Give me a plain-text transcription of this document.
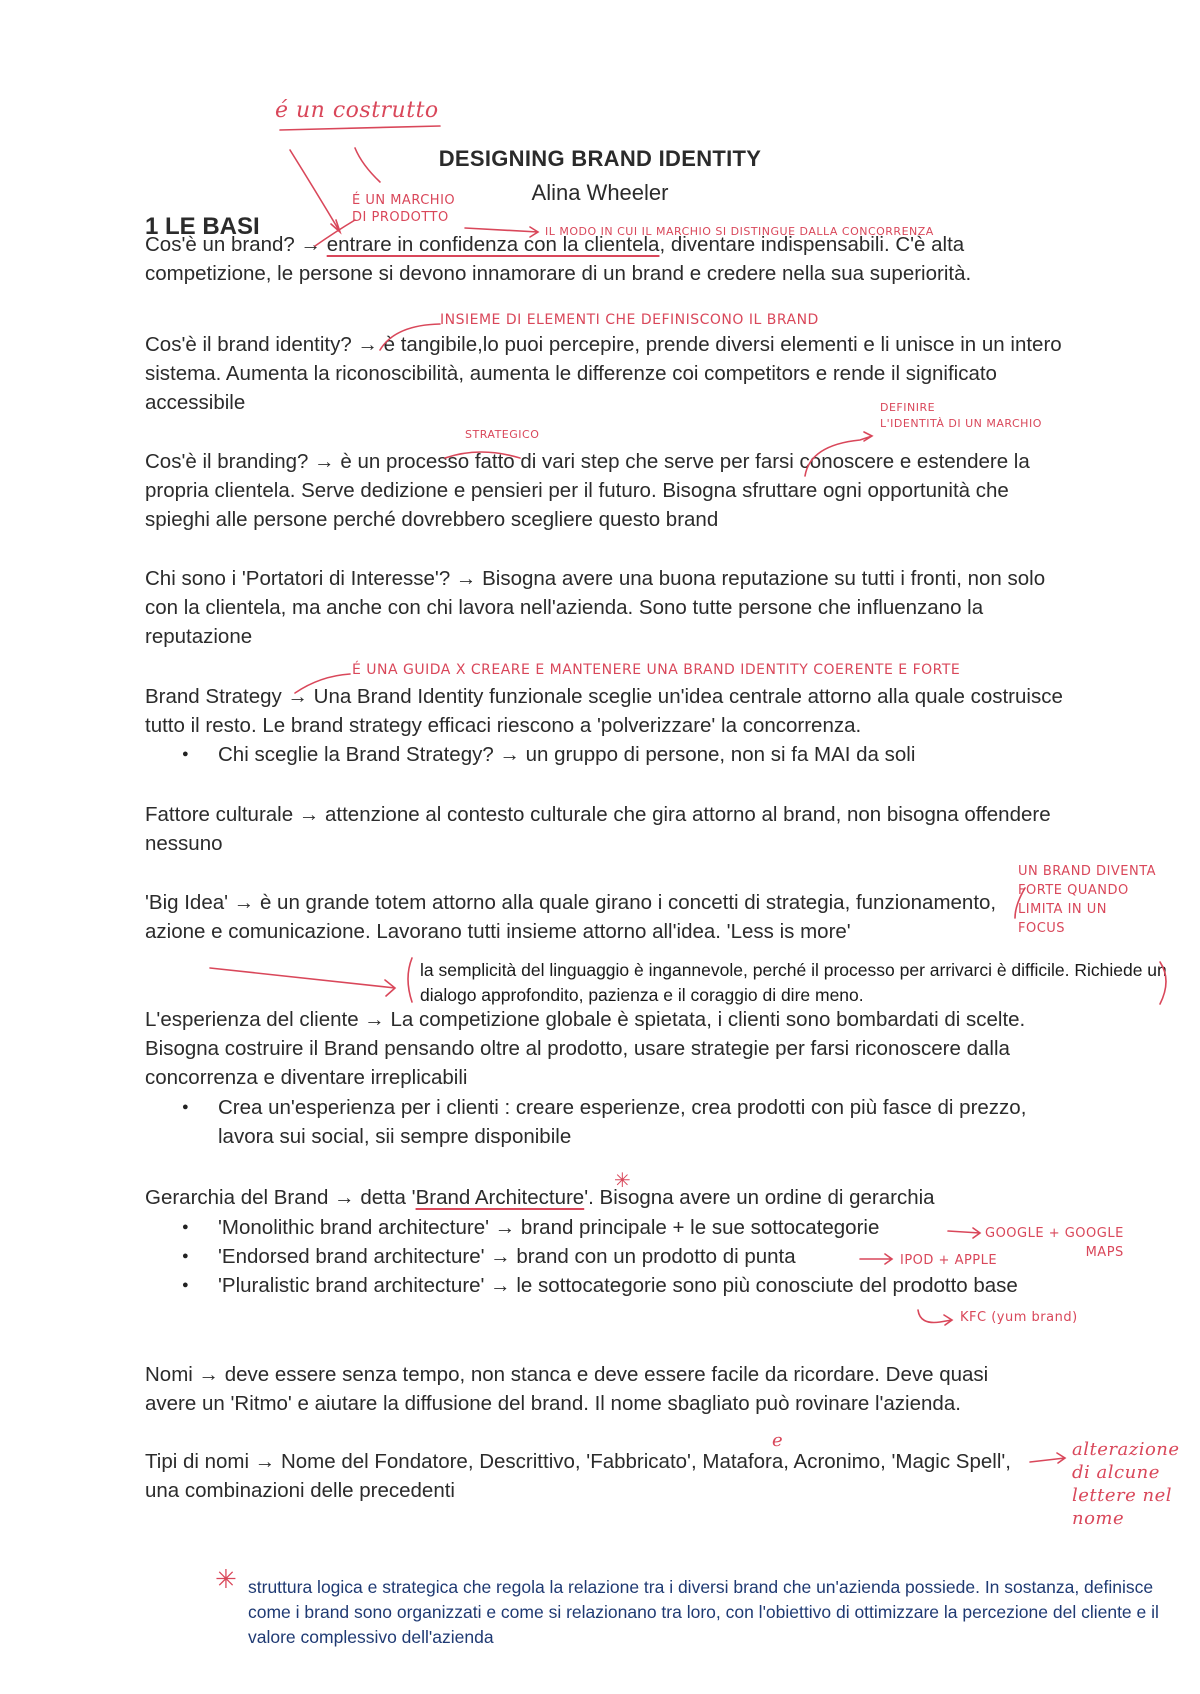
DESIGNING BRAND IDENTITY
Alina Wheeler
1 LE BASI
Cos'è un brand? → entrare in confidenza con la clientela, diventare indispensabili. C'è alta competizione, le persone si devono innamorare di un brand e credere nella sua superiorità.
Cos'è il brand identity? → è tangibile,lo puoi percepire, prende diversi elementi e li unisce in un intero sistema. Aumenta la riconoscibilità, aumenta le differenze coi competitors e rende il significato accessibile
Cos'è il branding? → è un processo fatto di vari step che serve per farsi conoscere e estendere la propria clientela. Serve dedizione e pensieri per il futuro. Bisogna sfruttare ogni opportunità che spieghi alle persone perché dovrebbero scegliere questo brand
Chi sono i 'Portatori di Interesse'? → Bisogna avere una buona reputazione su tutti i fronti, non solo con la clientela, ma anche con chi lavora nell'azienda. Sono tutte persone che influenzano la reputazione
Brand Strategy → Una Brand Identity funzionale sceglie un'idea centrale attorno alla quale costruisce tutto il resto. Le brand strategy efficaci riescono a 'polverizzare' la concorrenza.
● Chi sceglie la Brand Strategy? → un gruppo di persone, non si fa MAI da soli
Fattore culturale → attenzione al contesto culturale che gira attorno al brand, non bisogna offendere nessuno
'Big Idea' → è un grande totem attorno alla quale girano i concetti di strategia, funzionamento, azione e comunicazione. Lavorano tutti insieme attorno all'idea. 'Less is more'
L'esperienza del cliente → La competizione globale è spietata, i clienti sono bombardati di scelte. Bisogna costruire il Brand pensando oltre al prodotto, usare strategie per farsi riconoscere dalla concorrenza e diventare irreplicabili
● Crea un'esperienza per i clienti : creare esperienze, crea prodotti con più fasce di prezzo, lavora sui social, sii sempre disponibile
Gerarchia del Brand → detta 'Brand Architecture'. Bisogna avere un ordine di gerarchia
● 'Monolithic brand architecture' → brand principale + le sue sottocategorie
● 'Endorsed brand architecture' → brand con un prodotto di punta
● 'Pluralistic brand architecture' → le sottocategorie sono più conosciute del prodotto base
Nomi → deve essere senza tempo, non stanca e deve essere facile da ricordare. Deve quasi avere un 'Ritmo' e aiutare la diffusione del brand. Il nome sbagliato può rovinare l'azienda.
Tipi di nomi → Nome del Fondatore, Descrittivo, 'Fabbricato', Matafora, Acronimo, 'Magic Spell', una combinazioni delle precedenti
la semplicità del linguaggio è ingannevole, perché il processo per arrivarci è difficile. Richiede un dialogo approfondito, pazienza e il coraggio di dire meno.
struttura logica e strategica che regola la relazione tra i diversi brand che un'azienda possiede. In sostanza, definisce come i brand sono organizzati e come si relazionano tra loro, con l'obiettivo di ottimizzare la percezione del cliente e il valore complessivo dell'azienda
é un costrutto
É UN MARCHIO
DI PRODOTTO
IL MODO IN CUI IL MARCHIO SI DISTINGUE DALLA CONCORRENZA
INSIEME DI ELEMENTI CHE DEFINISCONO IL BRAND
STRATEGICO
DEFINIRE
L'IDENTITÀ DI UN MARCHIO
É UNA GUIDA X CREARE E MANTENERE UNA BRAND IDENTITY COERENTE E FORTE
UN BRAND DIVENTA
FORTE QUANDO
LIMITA IN UN
FOCUS
GOOGLE + GOOGLE
MAPS
IPOD + APPLE
KFC (yum brand)
e	alterazione
di alcune
lettere nel
nome
✳
✳
